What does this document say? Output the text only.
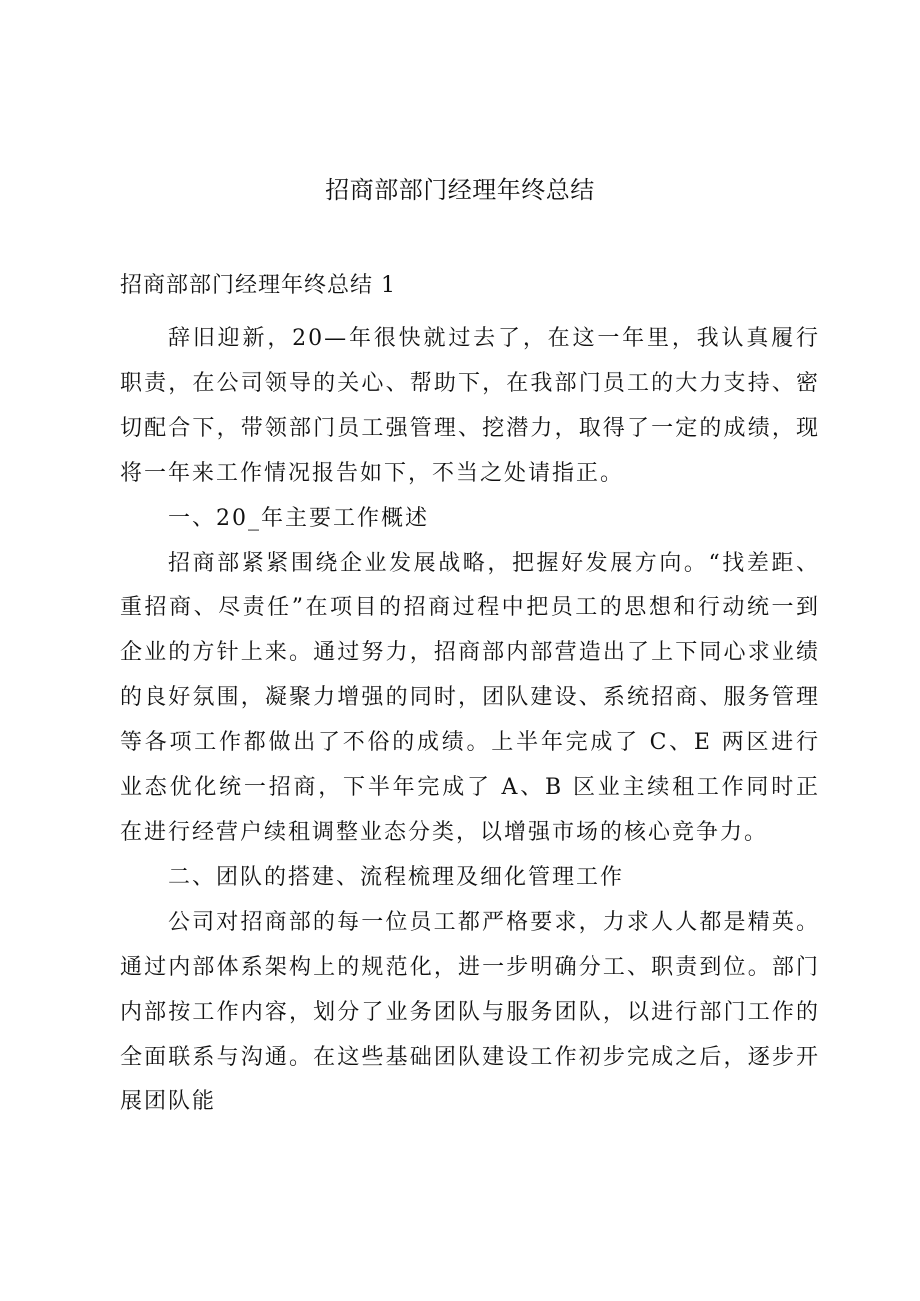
招商部部门经理年终总结
招商部部门经理年终总结 1

辞旧迎新，20—年很快就过去了，在这一年里，我认真履行职责，在公司领导的关心、帮助下，在我部门员工的大力支持、密切配合下，带领部门员工强管理、挖潜力，取得了一定的成绩，现将一年来工作情况报告如下，不当之处请指正。

一、20_年主要工作概述

招商部紧紧围绕企业发展战略，把握好发展方向。“找差距、重招商、尽责任”在项目的招商过程中把员工的思想和行动统一到企业的方针上来。通过努力，招商部内部营造出了上下同心求业绩的良好氛围，凝聚力增强的同时，团队建设、系统招商、服务管理等各项工作都做出了不俗的成绩。上半年完成了 C、E 两区进行业态优化统一招商，下半年完成了 A、B 区业主续租工作同时正在进行经营户续租调整业态分类，以增强市场的核心竞争力。

二、团队的搭建、流程梳理及细化管理工作

公司对招商部的每一位员工都严格要求，力求人人都是精英。通过内部体系架构上的规范化，进一步明确分工、职责到位。部门内部按工作内容，划分了业务团队与服务团队，以进行部门工作的全面联系与沟通。在这些基础团队建设工作初步完成之后，逐步开展团队能
